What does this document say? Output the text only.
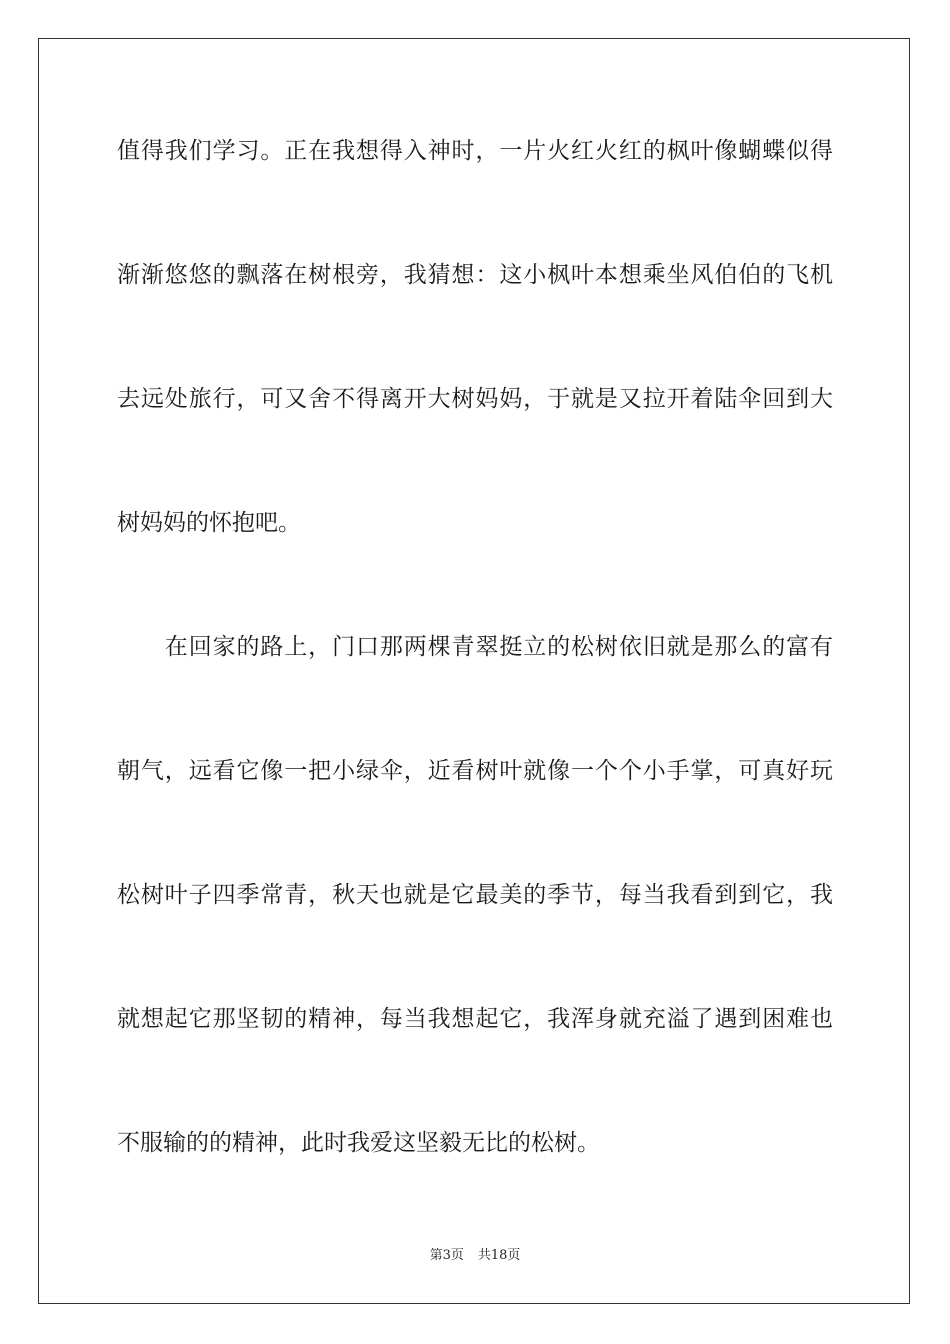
值得我们学习。正在我想得入神时，一片火红火红的枫叶像蝴蝶似得
渐渐悠悠的飘落在树根旁，我猜想：这小枫叶本想乘坐风伯伯的飞机
去远处旅行，可又舍不得离开大树妈妈，于就是又拉开着陆伞回到大
树妈妈的怀抱吧。
　　在回家的路上，门口那两棵青翠挺立的松树依旧就是那么的富有
朝气，远看它像一把小绿伞，近看树叶就像一个个小手掌，可真好玩
松树叶子四季常青，秋天也就是它最美的季节，每当我看到到它，我
就想起它那坚韧的精神，每当我想起它，我浑身就充溢了遇到困难也
不服输的的精神，此时我爱这坚毅无比的松树。
第3页 共18页
